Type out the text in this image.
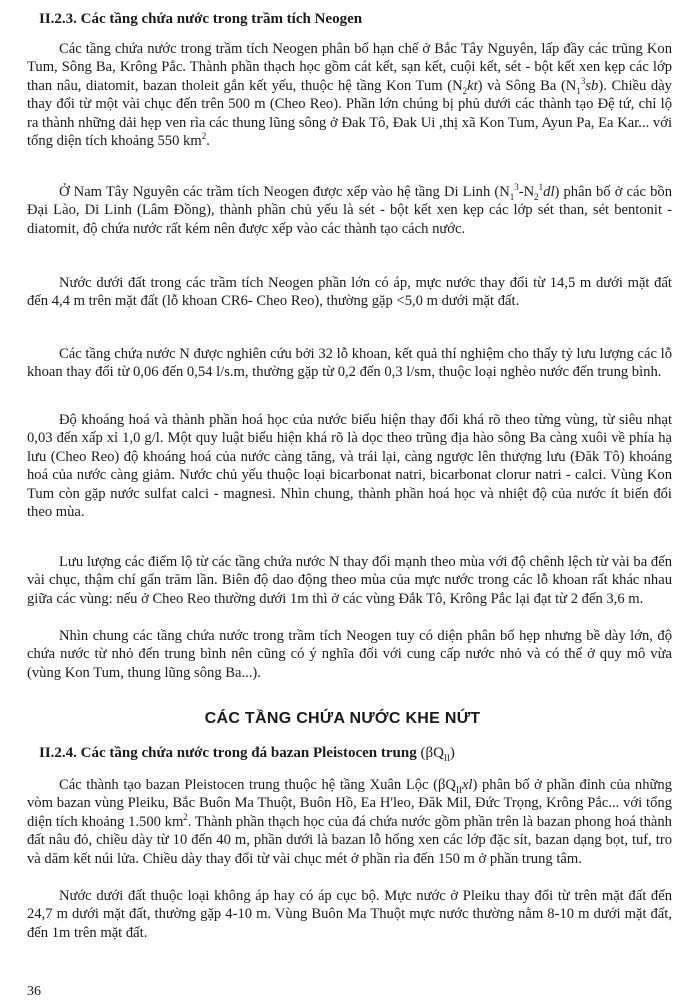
II.2.3. Các tầng chứa nước trong trầm tích Neogen

Các tầng chứa nước trong trầm tích Neogen phân bố hạn chế ở Bắc Tây Nguyên, lấp đầy các trũng Kon Tum, Sông Ba, Krông Pắc. Thành phần thạch học gồm cát kết, sạn kết, cuội kết, sét - bột kết xen kẹp các lớp than nâu, diatomit, bazan tholeit gắn kết yếu, thuộc hệ tầng Kon Tum $(N_2kt)$ và Sông Ba $(N_1^3sb)$. Chiều dày thay đổi từ một vài chục đến trên 500 m (Cheo Reo). Phần lớn chúng bị phủ dưới các thành tạo Đệ tứ, chỉ lộ ra thành những dải hẹp ven rìa các thung lũng sông ở Đak Tô, Đak Ui ,thị xã Kon Tum, Ayun Pa, Ea Kar... với tổng diện tích khoảng 550 $km^2$.

Ở Nam Tây Nguyên các trầm tích Neogen được xếp vào hệ tầng Di Linh $(N_1^3-N_2^1dl)$ phân bố ở các bồn Đại Lào, Di Linh (Lâm Đồng), thành phần chủ yếu là sét - bột kết xen kẹp các lớp sét than, sét bentonit - diatomit, độ chứa nước rất kém nên được xếp vào các thành tạo cách nước.

Nước dưới đất trong các trầm tích Neogen phần lớn có áp, mực nước thay đổi từ 14,5 m dưới mặt đất đến 4,4 m trên mặt đất (lỗ khoan CR6- Cheo Reo), thường gặp <5,0 m dưới mặt đất.

Các tầng chứa nước N được nghiên cứu bởi 32 lỗ khoan, kết quả thí nghiệm cho thấy tỷ lưu lượng các lỗ khoan thay đổi từ 0,06 đến 0,54 l/s.m, thường gặp từ 0,2 đến 0,3 l/sm, thuộc loại nghèo nước đến trung bình.

Độ khoáng hoá và thành phần hoá học của nước biểu hiện thay đổi khá rõ theo từng vùng, từ siêu nhạt 0,03 đến xấp xỉ 1,0 g/l. Một quy luật biểu hiện khá rõ là dọc theo trũng địa hào sông Ba càng xuôi về phía hạ lưu (Cheo Reo) độ khoáng hoá của nước càng tăng, và trái lại, càng ngược lên thượng lưu (Đăk Tô) khoáng hoá của nước càng giảm. Nước chủ yếu thuộc loại bicarbonat natri, bicarbonat clorur natri - calci. Vùng Kon Tum còn gặp nước sulfat calci - magnesi. Nhìn chung, thành phần hoá học và nhiệt độ của nước ít biến đổi theo mùa.

Lưu lượng các điểm lộ từ các tầng chứa nước N thay đổi mạnh theo mùa với độ chênh lệch từ vài ba đến vài chục, thậm chí gấn trăm lần. Biên độ dao động theo mùa của mực nước trong các lỗ khoan rất khác nhau giữa các vùng: nếu ở Cheo Reo thường dưới 1m thì ở các vùng Đắk Tô, Krông Pắc lại đạt từ 2 đến 3,6 m.

Nhìn chung các tầng chứa nước trong trầm tích Neogen tuy có diện phân bố hẹp nhưng bề dày lớn, độ chứa nước từ nhỏ đến trung bình nên cũng có ý nghĩa đối với cung cấp nước nhỏ và có thể ở quy mô vừa (vùng Kon Tum, thung lũng sông Ba...).

CÁC TẦNG CHỨA NƯỚC KHE NỨT
II.2.4. Các tầng chứa nước trong đá bazan Pleistocen trung $(\beta Q_{II})$

Các thành tạo bazan Pleistocen trung thuộc hệ tầng Xuân Lộc $(\beta Q_{II}xl)$ phân bố ở phần đỉnh của những vòm bazan vùng Pleiku, Bắc Buôn Ma Thuột, Buôn Hồ, Ea H'leo, Đăk Mil, Đức Trọng, Krông Pắc... với tổng diện tích khoảng 1.500 $km^2$. Thành phần thạch học của đá chứa nước gồm phần trên là bazan phong hoá thành đất nâu đỏ, chiều dày từ 10 đến 40 m, phần dưới là bazan lỗ hổng xen các lớp đặc sít, bazan dạng bọt, tuf, tro và dăm kết núi lửa. Chiều dày thay đổi từ vài chục mét ở phần rìa đến 150 m ở phần trung tâm.

Nước dưới đất thuộc loại không áp hay có áp cục bộ. Mực nước ở Pleiku thay đổi từ trên mặt đất đến 24,7 m dưới mặt đất, thường gặp 4-10 m. Vùng Buôn Ma Thuột mực nước thường nằm 8-10 m dưới mặt đất, đến 1m trên mặt đất.

36
